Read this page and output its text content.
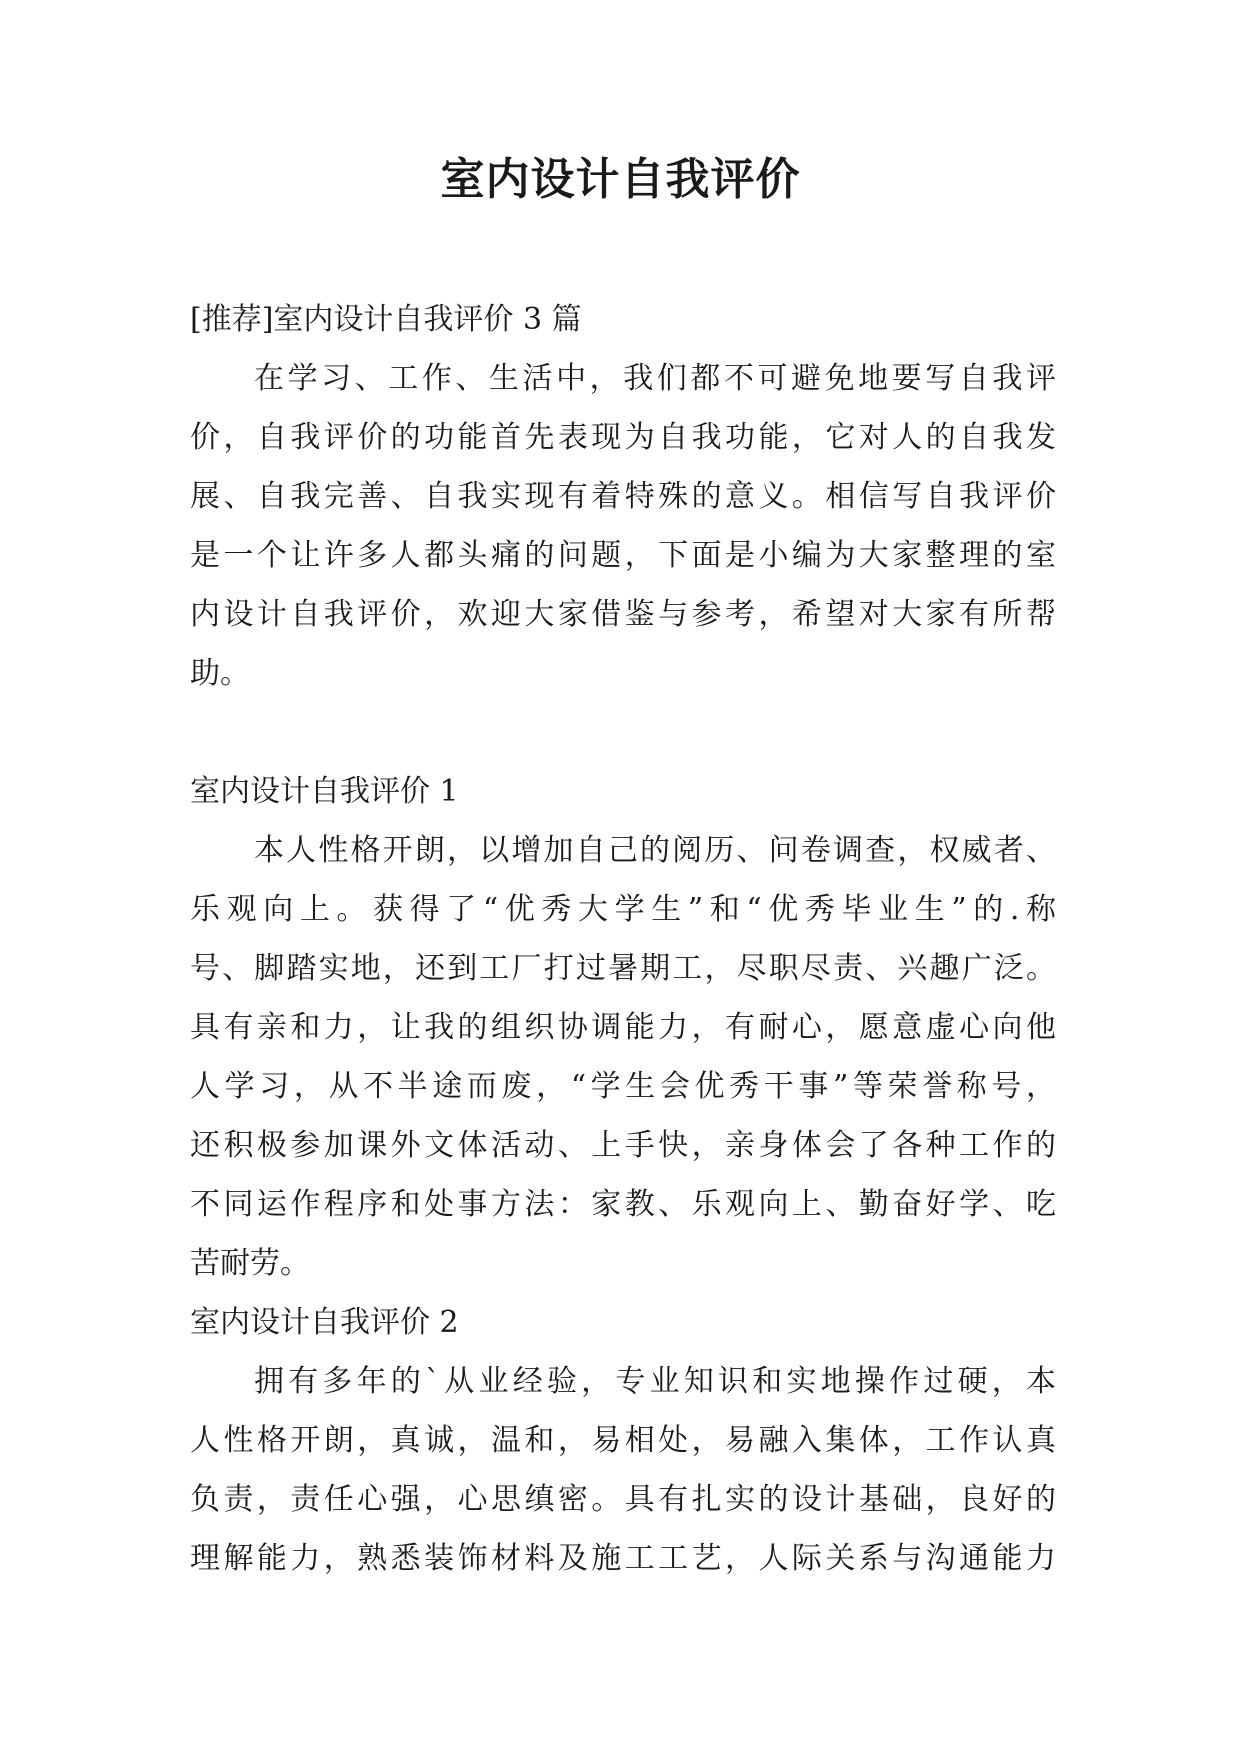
室内设计自我评价
[推荐]室内设计自我评价 3 篇
在学习、工作、生活中，我们都不可避免地要写自我评
价，自我评价的功能首先表现为自我功能，它对人的自我发
展、自我完善、自我实现有着特殊的意义。相信写自我评价
是一个让许多人都头痛的问题，下面是小编为大家整理的室
内设计自我评价，欢迎大家借鉴与参考，希望对大家有所帮
助。
室内设计自我评价 1
本人性格开朗，以增加自己的阅历、问卷调查，权威者、
乐观向上。获得了“优秀大学生”和“优秀毕业生”的.称
号、脚踏实地，还到工厂打过暑期工，尽职尽责、兴趣广泛。
具有亲和力，让我的组织协调能力，有耐心，愿意虚心向他
人学习，从不半途而废，“学生会优秀干事”等荣誉称号，
还积极参加课外文体活动、上手快，亲身体会了各种工作的
不同运作程序和处事方法：家教、乐观向上、勤奋好学、吃
苦耐劳。
室内设计自我评价 2
拥有多年的`从业经验，专业知识和实地操作过硬，本
人性格开朗，真诚，温和，易相处，易融入集体，工作认真
负责，责任心强，心思缜密。具有扎实的设计基础，良好的
理解能力，熟悉装饰材料及施工工艺，人际关系与沟通能力
